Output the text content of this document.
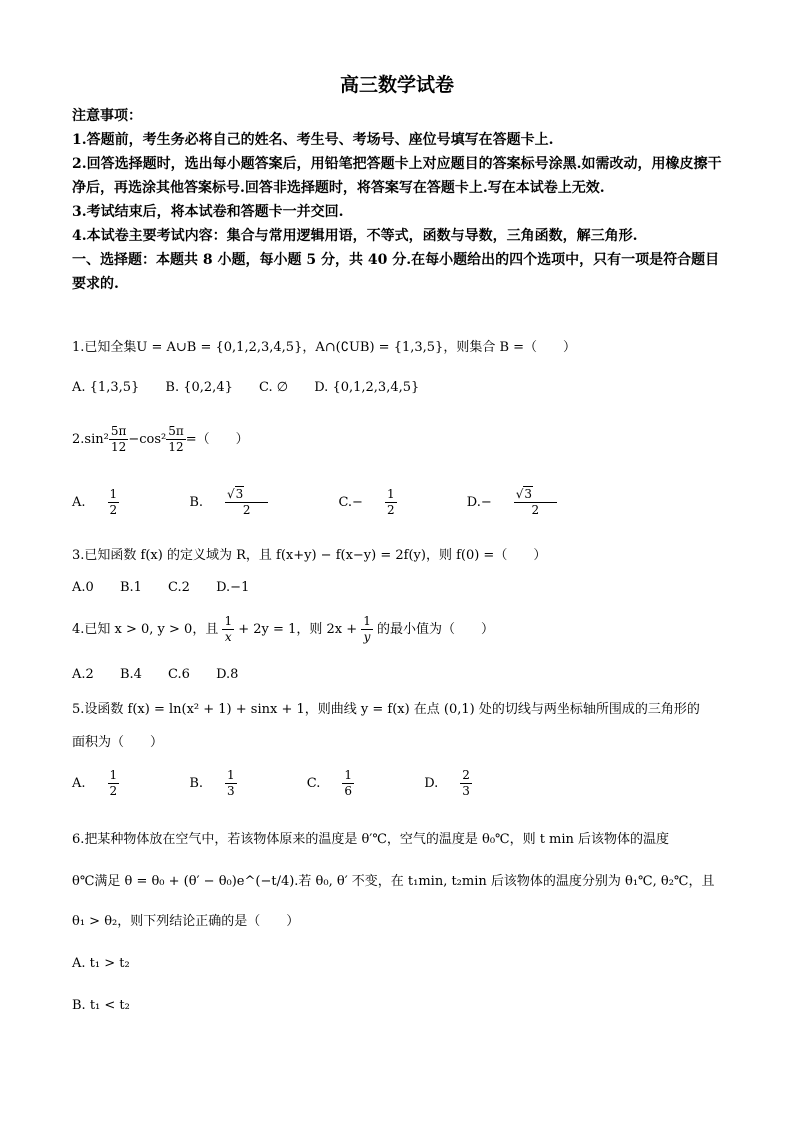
高三数学试卷

注意事项：

1.答题前，考生务必将自己的姓名、考生号、考场号、座位号填写在答题卡上.

2.回答选择题时，选出每小题答案后，用铅笔把答题卡上对应题目的答案标号涂黑.如需改动，用橡皮擦干净后，再选涂其他答案标号.回答非选择题时，将答案写在答题卡上.写在本试卷上无效.

3.考试结束后，将本试卷和答题卡一并交回.

4.本试卷主要考试内容：集合与常用逻辑用语，不等式，函数与导数，三角函数，解三角形.

一、选择题：本题共 8 小题，每小题 5 分，共 40 分.在每小题给出的四个选项中，只有一项是符合题目要求的.

1.已知全集U = A∪B = {0,1,2,3,4,5}，A∩(∁UB) = {1,3,5}，则集合 B =（　　）
A. {1,3,5} B. {0,2,4} C. ∅ D. {0,1,2,3,4,5}
$2.\sin^2 \frac{5\pi}{12} -\cos^2 \frac{5\pi}{12}$ =（　　）
A. $\frac{1}{2}$	B. $\frac{√3}{2}$	$C.- \frac{1}{2}$	$D.- \frac{√3}{2}$
3.已知函数 f(x) 的定义域为 R，且 f(x+y) − f(x−y) = 2f(y)，则 f(0) =（　　）
A.0 B.1 C.2 D.−1
4.已知 x > 0, y > 0，且 $\frac{1}{x} + 2y = 1$，则 $2x + \frac{1}{y}$ 的最小值为（　　）
A.2 B.4 C.6 D.8
5.设函数 f(x) = ln(x² + 1) + sinx + 1，则曲线 y = f(x) 在点 (0,1) 处的切线与两坐标轴所围成的三角形的
面积为（　　）
A. $\frac{1}{2}$	B. $\frac{1}{3}$	C. $\frac{1}{6}$	D. $\frac{2}{3}$
6.把某种物体放在空气中，若该物体原来的温度是 θ′℃，空气的温度是 θ₀℃，则 t min 后该物体的温度
θ℃满足 θ = θ₀ + (θ′ − θ₀)e^(−t/4).若 θ₀, θ′ 不变，在 t₁min, t₂min 后该物体的温度分别为 θ₁℃, θ₂℃，且
θ₁ > θ₂，则下列结论正确的是（　　）
A. t₁ > t₂
B. t₁ < t₂
